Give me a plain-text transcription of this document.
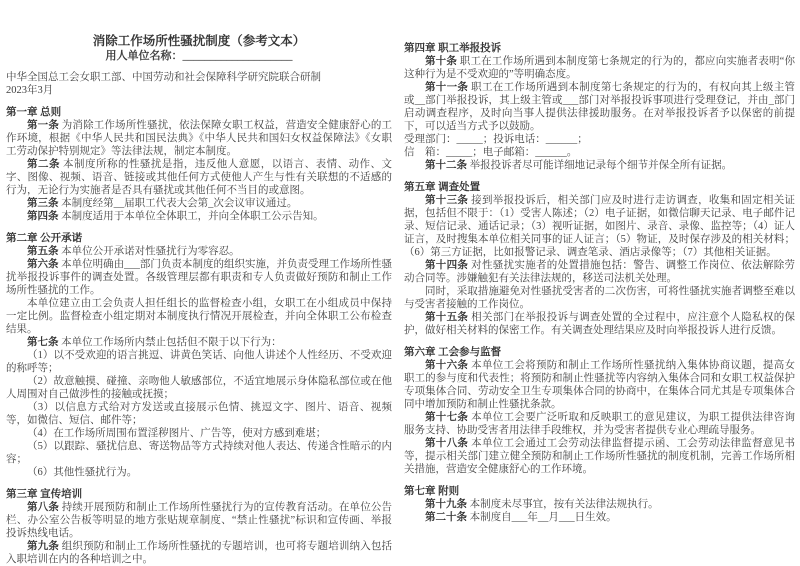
消除工作场所性骚扰制度（参考文本）
用人单位名称：____________________
中华全国总工会女职工部、中国劳动和社会保障科学研究院联合研制
2023年3月

第一章 总则

第一条 为消除工作场所性骚扰，依法保障女职工权益，营造安全健康舒心的工作环境，根据《中华人民共和国民法典》《中华人民共和国妇女权益保障法》《女职工劳动保护特别规定》等法律法规，制定本制度。

第二条 本制度所称的性骚扰是指，违反他人意愿，以语言、表情、动作、文字、图像、视频、语音、链接或其他任何方式使他人产生与性有关联想的不适感的行为，无论行为实施者是否具有骚扰或其他任何不当目的或意图。

第三条 本制度经第__届职工代表大会第_次会议审议通过。

第四条 本制度适用于本单位全体职工，并向全体职工公示告知。

第二章 公开承诺

第五条 本单位公开承诺对性骚扰行为零容忍。

第六条 本单位明确由___部门负责本制度的组织实施，并负责受理工作场所性骚扰举报投诉事件的调查处置。各级管理层都有职责和专人负责做好预防和制止工作场所性骚扰的工作。

本单位建立由工会负责人担任组长的监督检查小组，女职工在小组成员中保持一定比例。监督检查小组定期对本制度执行情况开展检查，并向全体职工公布检查结果。

第七条 本单位工作场所内禁止包括但不限于以下行为：

（1）以不受欢迎的语言挑逗、讲黄色笑话、向他人讲述个人性经历、不受欢迎的称呼等；

（2）故意触摸、碰撞、亲吻他人敏感部位，不适宜地展示身体隐私部位或在他人周围对自己做涉性的接触或抚摸；

（3）以信息方式给对方发送或直接展示色情、挑逗文字、图片、语音、视频等，如微信、短信、邮件等；

（4）在工作场所周围布置淫秽图片、广告等，使对方感到难堪；

（5）以跟踪、骚扰信息、寄送物品等方式持续对他人表达、传递含性暗示的内容；

（6）其他性骚扰行为。

第三章 宣传培训

第八条 持续开展预防和制止工作场所性骚扰行为的宣传教育活动。在单位公告栏、办公室公告板等明显的地方张贴规章制度、“禁止性骚扰”标识和宣传画、举报投诉热线电话。

第九条 组织预防和制止工作场所性骚扰的专题培训，也可将专题培训纳入包括入职培训在内的各种培训之中。

第四章 职工举报投诉

第十条 职工在工作场所遇到本制度第七条规定的行为的，都应向实施者表明“你这种行为是不受欢迎的”等明确态度。

第十一条 职工在工作场所遇到本制度第七条规定的行为的，有权向其上级主管或__部门举报投诉，其上级主管或___部门对举报投诉事项进行受理登记，并由_部门启动调查程序，及时向当事人提供法律援助服务。在对举报投诉者予以保密的前提下，可以适当方式予以鼓励。

受理部门：_____；投诉电话：______；

信　箱：_____；电子邮箱：______。

第十二条 举报投诉者尽可能详细地记录每个细节并保全所有证据。

第五章 调查处置

第十三条 接到举报投诉后，相关部门应及时进行走访调查，收集和固定相关证据，包括但不限于：（1）受害人陈述；（2）电子证据，如微信聊天记录、电子邮件记录、短信记录、通话记录；（3）视听证据，如图片、录音、录像、监控等；（4）证人证言，及时搜集本单位相关同事的证人证言；（5）物证，及时保存涉及的相关材料；（6）第三方证据，比如报警记录、调查笔录、酒店录像等；（7）其他相关证据。

第十四条 对性骚扰实施者的处置措施包括：警告、调整工作岗位、依法解除劳动合同等。涉嫌触犯有关法律法规的，移送司法机关处理。

同时，采取措施避免对性骚扰受害者的二次伤害，可将性骚扰实施者调整至难以与受害者接触的工作岗位。

第十五条 相关部门在举报投诉与调查处置的全过程中，应注意个人隐私权的保护，做好相关材料的保密工作。有关调查处理结果应及时向举报投诉人进行反馈。

第六章 工会参与监督

第十六条 本单位工会将预防和制止工作场所性骚扰纳入集体协商议题，提高女职工的参与度和代表性；将预防和制止性骚扰等内容纳入集体合同和女职工权益保护专项集体合同、劳动安全卫生专项集体合同的协商中，在集体合同尤其是专项集体合同中增加预防和制止性骚扰条款。

第十七条 本单位工会要广泛听取和反映职工的意见建议，为职工提供法律咨询服务支持、协助受害者用法律手段维权，并为受害者提供专业心理疏导服务。

第十八条 本单位工会通过工会劳动法律监督提示函、工会劳动法律监督意见书等，提示相关部门建立健全预防和制止工作场所性骚扰的制度机制，完善工作场所相关措施，营造安全健康舒心的工作环境。

第七章 附则

第十九条 本制度未尽事宜，按有关法律法规执行。

第二十条 本制度自___年__月___日生效。
